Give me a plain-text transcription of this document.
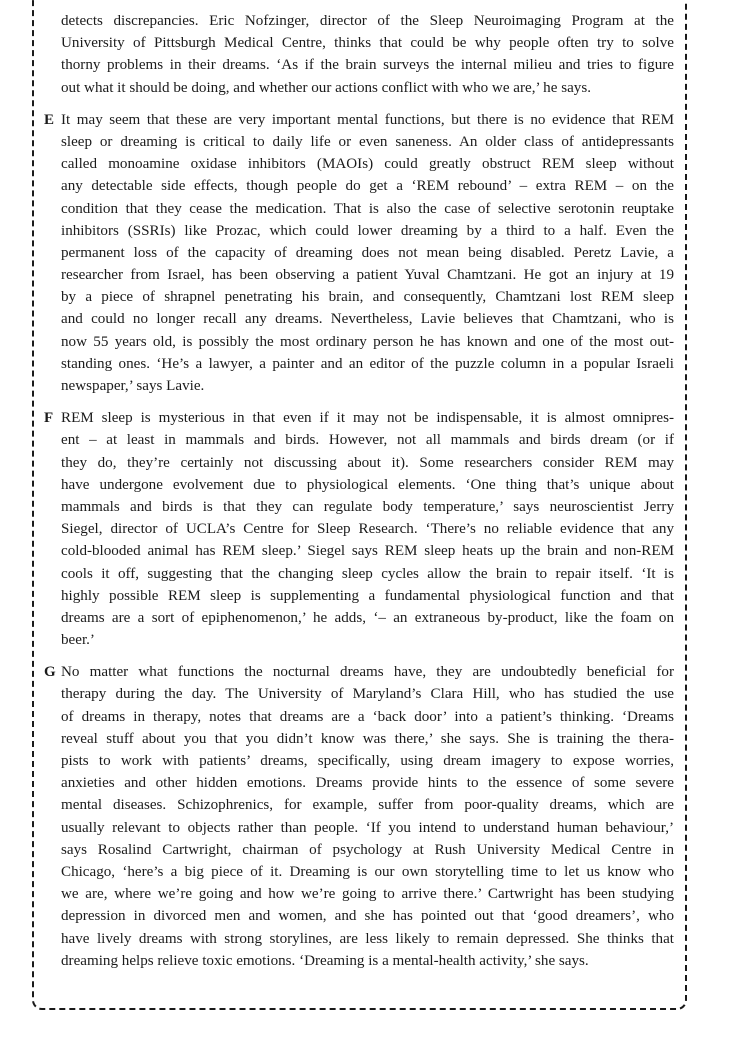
detects discrepancies. Eric Nofzinger, director of the Sleep Neuroimaging Program at the
University of Pittsburgh Medical Centre, thinks that could be why people often try to solve
thorny problems in their dreams. ‘As if the brain surveys the internal milieu and tries to figure
out what it should be doing, and whether our actions conflict with who we are,’ he says.
E It may seem that these are very important mental functions, but there is no evidence that REM
sleep or dreaming is critical to daily life or even saneness. An older class of antidepressants
called monoamine oxidase inhibitors (MAOIs) could greatly obstruct REM sleep without
any detectable side effects, though people do get a ‘REM rebound’ – extra REM – on the
condition that they cease the medication. That is also the case of selective serotonin reuptake
inhibitors (SSRIs) like Prozac, which could lower dreaming by a third to a half. Even the
permanent loss of the capacity of dreaming does not mean being disabled. Peretz Lavie, a
researcher from Israel, has been observing a patient Yuval Chamtzani. He got an injury at 19
by a piece of shrapnel penetrating his brain, and consequently, Chamtzani lost REM sleep
and could no longer recall any dreams. Nevertheless, Lavie believes that Chamtzani, who is
now 55 years old, is possibly the most ordinary person he has known and one of the most out-
standing ones. ‘He’s a lawyer, a painter and an editor of the puzzle column in a popular Israeli
newspaper,’ says Lavie.
F REM sleep is mysterious in that even if it may not be indispensable, it is almost omnipres-
ent – at least in mammals and birds. However, not all mammals and birds dream (or if
they do, they’re certainly not discussing about it). Some researchers consider REM may
have undergone evolvement due to physiological elements. ‘One thing that’s unique about
mammals and birds is that they can regulate body temperature,’ says neuroscientist Jerry
Siegel, director of UCLA’s Centre for Sleep Research. ‘There’s no reliable evidence that any
cold-blooded animal has REM sleep.’ Siegel says REM sleep heats up the brain and non-REM
cools it off, suggesting that the changing sleep cycles allow the brain to repair itself. ‘It is
highly possible REM sleep is supplementing a fundamental physiological function and that
dreams are a sort of epiphenomenon,’ he adds, ‘– an extraneous by-product, like the foam on
beer.’
G No matter what functions the nocturnal dreams have, they are undoubtedly beneficial for
therapy during the day. The University of Maryland’s Clara Hill, who has studied the use
of dreams in therapy, notes that dreams are a ‘back door’ into a patient’s thinking. ‘Dreams
reveal stuff about you that you didn’t know was there,’ she says. She is training the thera-
pists to work with patients’ dreams, specifically, using dream imagery to expose worries,
anxieties and other hidden emotions. Dreams provide hints to the essence of some severe
mental diseases. Schizophrenics, for example, suffer from poor-quality dreams, which are
usually relevant to objects rather than people. ‘If you intend to understand human behaviour,’
says Rosalind Cartwright, chairman of psychology at Rush University Medical Centre in
Chicago, ‘here’s a big piece of it. Dreaming is our own storytelling time to let us know who
we are, where we’re going and how we’re going to arrive there.’ Cartwright has been studying
depression in divorced men and women, and she has pointed out that ‘good dreamers’, who
have lively dreams with strong storylines, are less likely to remain depressed. She thinks that
dreaming helps relieve toxic emotions. ‘Dreaming is a mental-health activity,’ she says.
